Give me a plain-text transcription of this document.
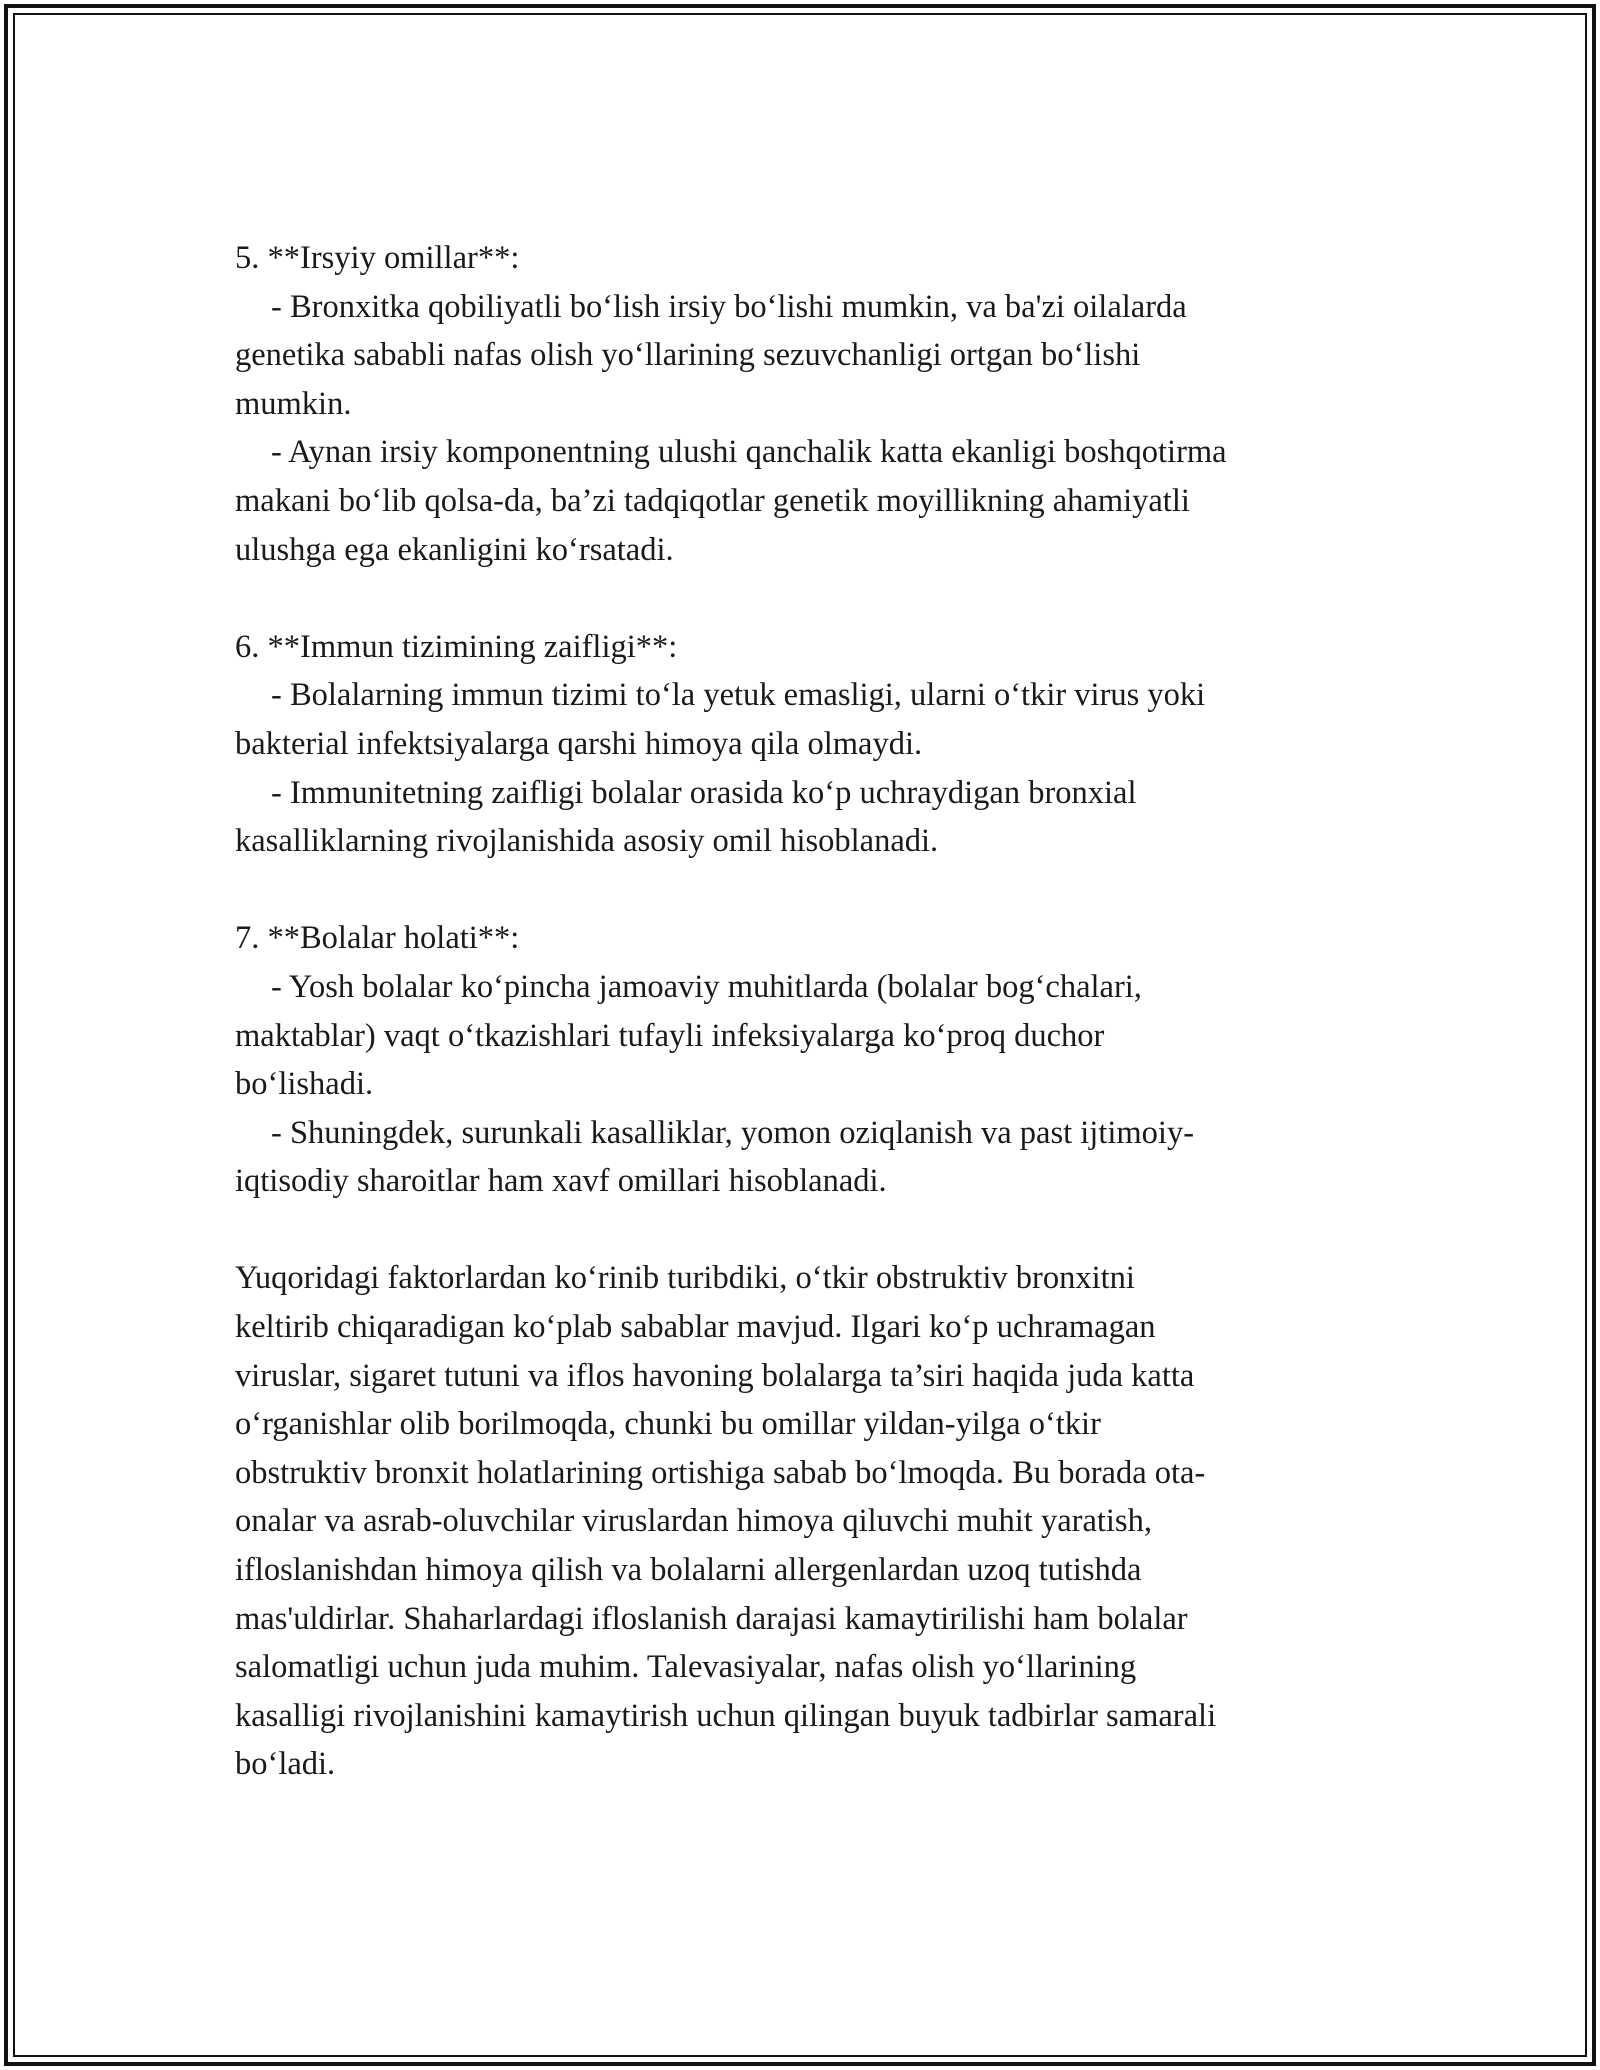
5. **Irsyiy omillar**:
- Bronxitka qobiliyatli bo‘lish irsiy bo‘lishi mumkin, va ba'zi oilalarda
genetika sababli nafas olish yo‘llarining sezuvchanligi ortgan bo‘lishi
mumkin.
- Aynan irsiy komponentning ulushi qanchalik katta ekanligi boshqotirma
makani bo‘lib qolsa-da, ba’zi tadqiqotlar genetik moyillikning ahamiyatli
ulushga ega ekanligini ko‘rsatadi.
6. **Immun tizimining zaifligi**:
- Bolalarning immun tizimi to‘la yetuk emasligi, ularni o‘tkir virus yoki
bakterial infektsiyalarga qarshi himoya qila olmaydi.
- Immunitetning zaifligi bolalar orasida ko‘p uchraydigan bronxial
kasalliklarning rivojlanishida asosiy omil hisoblanadi.
7. **Bolalar holati**:
- Yosh bolalar ko‘pincha jamoaviy muhitlarda (bolalar bog‘chalari,
maktablar) vaqt o‘tkazishlari tufayli infeksiyalarga ko‘proq duchor
bo‘lishadi.
- Shuningdek, surunkali kasalliklar, yomon oziqlanish va past ijtimoiy-
iqtisodiy sharoitlar ham xavf omillari hisoblanadi.
Yuqoridagi faktorlardan ko‘rinib turibdiki, o‘tkir obstruktiv bronxitni
keltirib chiqaradigan ko‘plab sabablar mavjud. Ilgari ko‘p uchramagan
viruslar, sigaret tutuni va iflos havoning bolalarga ta’siri haqida juda katta
o‘rganishlar olib borilmoqda, chunki bu omillar yildan-yilga o‘tkir
obstruktiv bronxit holatlarining ortishiga sabab bo‘lmoqda. Bu borada ota-
onalar va asrab-oluvchilar viruslardan himoya qiluvchi muhit yaratish,
ifloslanishdan himoya qilish va bolalarni allergenlardan uzoq tutishda
mas'uldirlar. Shaharlardagi ifloslanish darajasi kamaytirilishi ham bolalar
salomatligi uchun juda muhim. Talevasiyalar, nafas olish yo‘llarining
kasalligi rivojlanishini kamaytirish uchun qilingan buyuk tadbirlar samarali
bo‘ladi.
